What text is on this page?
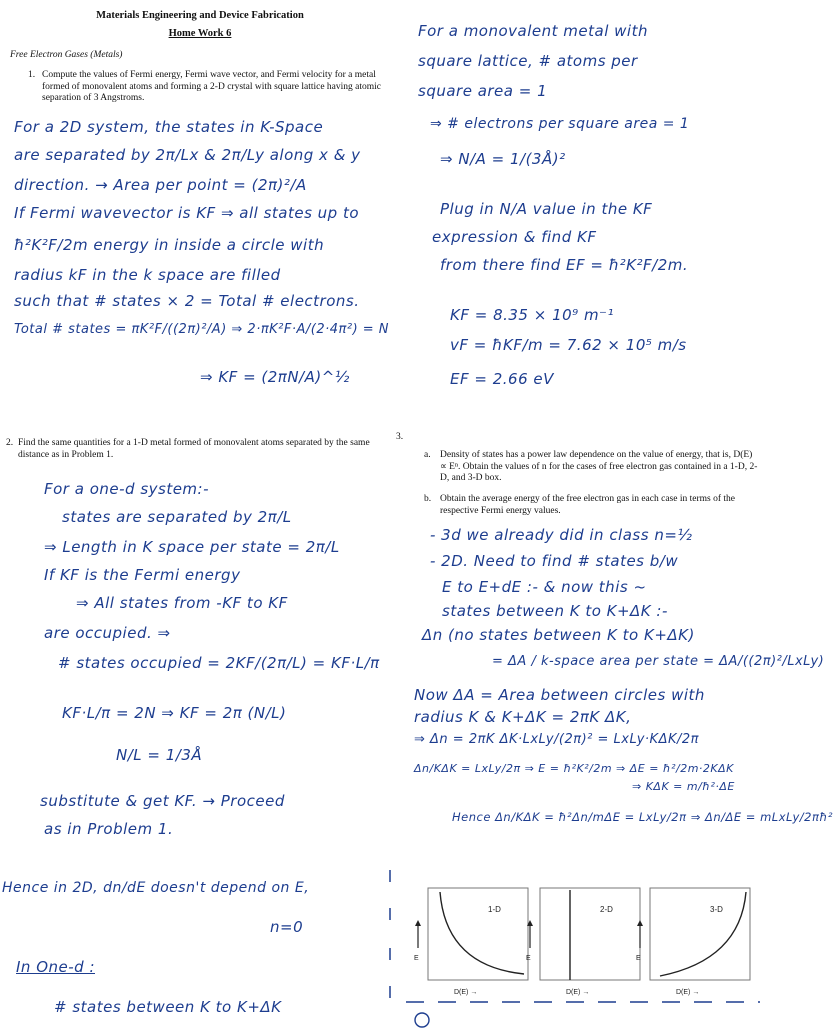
Materials Engineering and Device Fabrication
Home Work 6
Free Electron Gases (Metals)
1. Compute the values of Fermi energy, Fermi wave vector, and Fermi velocity for a metal formed of monovalent atoms and forming a 2-D crystal with square lattice having atomic separation of 3 Angstroms.
For a 2D system, the states in K-Space
are separated by 2π/Lx & 2π/Ly along x & y
direction. → Area per point = (2π)²/A
If Fermi wavevector is KF ⇒ all states up to
ħ²K²F/2m energy in inside a circle with
radius kF in the k space are filled
such that # states × 2 = Total # electrons.
Total # states = πK²F/((2π)²/A) ⇒ 2·πK²F·A/(2·4π²) = N
⇒ KF = (2πN/A)^½
For a monovalent metal with
square lattice, # atoms per
square area = 1
⇒ # electrons per square area = 1
⇒ N/A = 1/(3Å)²
Plug in N/A value in the KF
expression & find KF
from there find EF = ħ²K²F/2m.
KF = 8.35 × 10⁹ m⁻¹
vF = ħKF/m = 7.62 × 10⁵ m/s
EF = 2.66 eV
2. Find the same quantities for a 1-D metal formed of monovalent atoms separated by the same distance as in Problem 1.
For a one-d system:-
states are separated by 2π/L
⇒ Length in K space per state = 2π/L
If KF is the Fermi energy
⇒ All states from -KF to KF
are occupied. ⇒
# states occupied = 2KF/(2π/L) = KF·L/π
KF·L/π = 2N ⇒ KF = 2π (N/L)
N/L = 1/3Å
substitute & get KF. → Proceed
as in Problem 1.
3.
a. Density of states has a power law dependence on the value of energy, that is, D(E) ∝ Eⁿ. Obtain the values of n for the cases of free electron gas contained in a 1-D, 2-D, and 3-D box.
b. Obtain the average energy of the free electron gas in each case in terms of the respective Fermi energy values.
- 3d we already did in class n=½
- 2D. Need to find # states b/w
E to E+dE :- & now this ~
states between K to K+ΔK :-
Δn (no states between K to K+ΔK)
= ΔA / k-space area per state = ΔA/((2π)²/LxLy)
Now ΔA = Area between circles with
radius K & K+ΔK = 2πK ΔK,
⇒ Δn = 2πK ΔK·LxLy/(2π)² = LxLy·KΔK/2π
Δn/KΔK = LxLy/2π ⇒ E = ħ²K²/2m ⇒ ΔE = ħ²/2m·2KΔK
⇒ KΔK = m/ħ²·ΔE
Hence Δn/KΔK = ħ²Δn/mΔE = LxLy/2π ⇒ Δn/ΔE = mLxLy/2πħ²
Hence in 2D, dn/dE doesn't depend on E,
n=0
In One-d :
# states between K to K+ΔK
E
1-D
D(E) →
E
2-D
D(E) →
E
3-D
D(E) →
